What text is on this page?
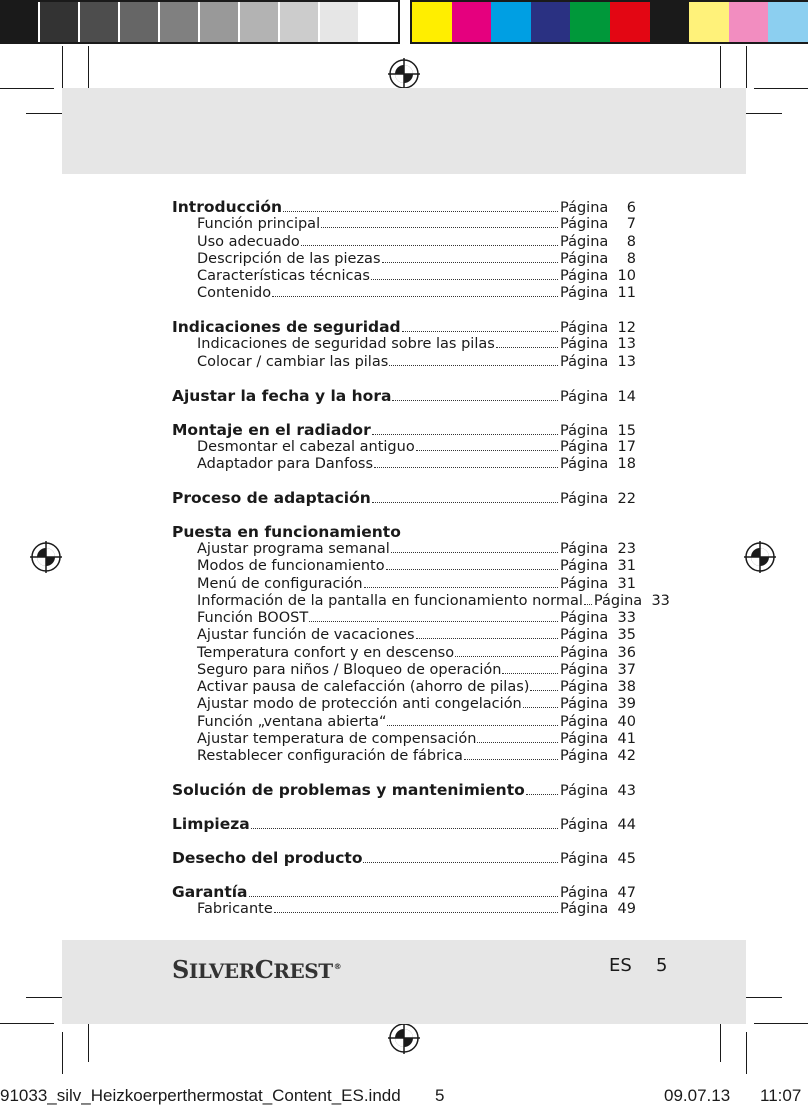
Introducción	Página	6
Función principal	Página	7
Uso adecuado	Página	8
Descripción de las piezas	Página	8
Características técnicas	Página 10
Contenido	Página 11
Indicaciones de seguridad	Página 12
Indicaciones de seguridad sobre las pilas	Página 13
Colocar / cambiar las pilas	Página 13
Ajustar la fecha y la hora	Página 14
Montaje en el radiador	Página 15
Desmontar el cabezal antiguo	Página 17
Adaptador para Danfoss	Página 18
Proceso de adaptación	Página 22
Puesta en funcionamiento
Ajustar programa semanal	Página 23
Modos de funcionamiento	Página 31
Menú de configuración	Página 31
Información de la pantalla en funcionamiento normal Página 33
Función BOOST	Página 33
Ajustar función de vacaciones	Página 35
Temperatura confort y en descenso	Página 36
Seguro para niños / Bloqueo de operación	Página 37
Activar pausa de calefacción (ahorro de pilas) Página 38
Ajustar modo de protección anti congelación	Página 39
Función „ventana abierta“	Página 40
Ajustar temperatura de compensación	Página 41
Restablecer configuración de fábrica	Página 42
Solución de problemas y mantenimiento Página 43
Limpieza	Página 44
Desecho del producto	Página 45
Garantía	Página 47
Fabricante	Página 49
SILVERCREST®	ES 5
91033_silv_Heizkoerperthermostat_Content_ES.indd 5	09.07.13 11:07
